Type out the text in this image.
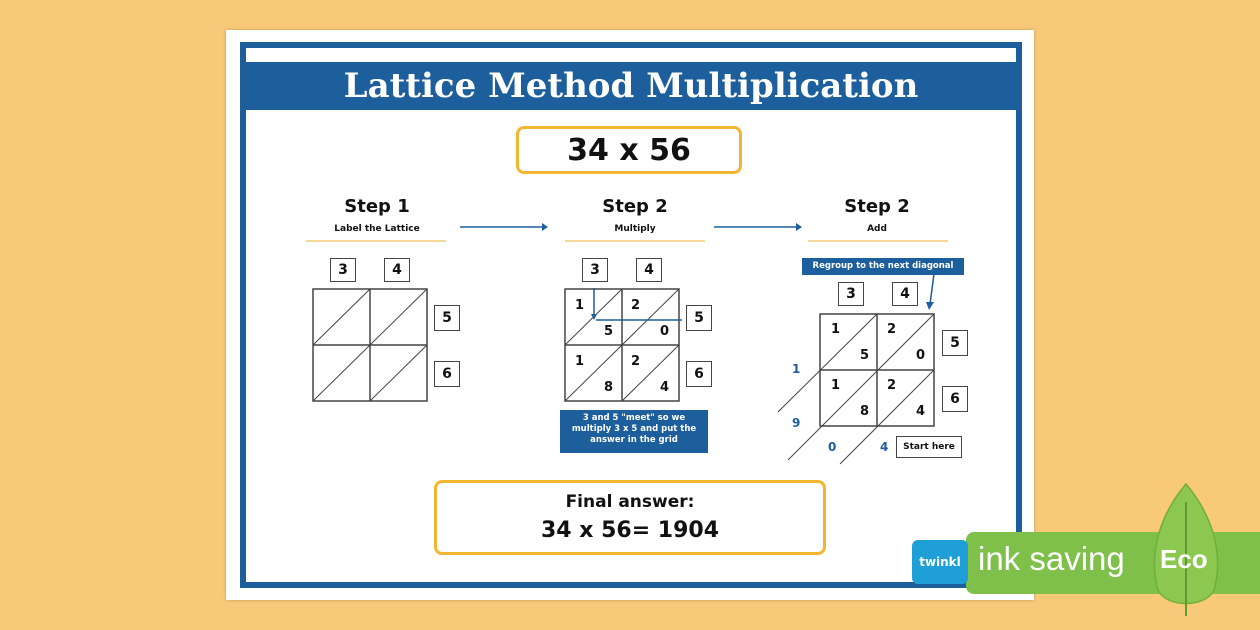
Lattice Method Multiplication
34 x 56
Step 1
Label the Lattice
Step 2
Multiply
Step 2
Add
3	4
5
6
3	4
1
5
2
0
1
8
2
4
5
6
3 and 5 "meet" so we multiply 3 x 5 and put the answer in the grid
Regroup to the next diagonal
3	4
1
5
2
0
1
8
2
4
5
6
1
9
0	4	Start here
Final answer:
34 x 56= 1904
twinkl ink saving Eco
